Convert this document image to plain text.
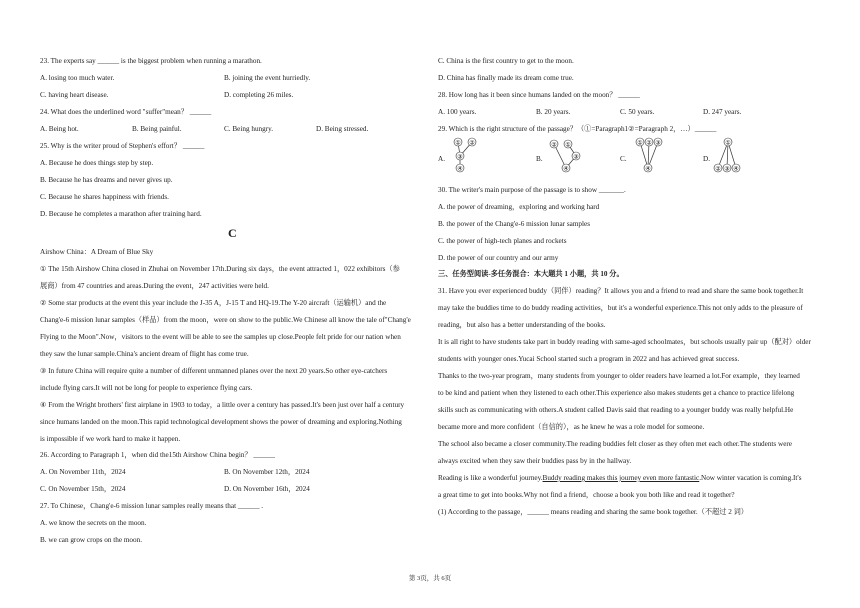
23. The experts say ______ is the biggest problem when running a marathon.
A. losing too much water.	B. joining the event hurriedly.
C. having heart disease.	D. completing 26 miles.
24. What does the underlined word "suffer"mean？ ______
A. Being hot.	B. Being painful.	C. Being hungry.	D. Being stressed.
25. Why is the writer proud of Stephen's effort？ ______
A. Because he does things step by step.
B. Because he has dreams and never gives up.
C. Because he shares happiness with friends.
D. Because he completes a marathon after training hard.
C
Airshow China：A Dream of Blue Sky
① The 15th Airshow China closed in Zhuhai on November 17th.During six days，the event attracted 1，022 exhibitors（参
展商）from 47 countries and areas.During the event，247 activities were held.
② Some star products at the event this year include the J-35 A，J-15 T and HQ-19.The Y-20 aircraft（运输机）and the
Chang'e-6 mission lunar samples（样品）from the moon，were on show to the public.We Chinese all know the tale of"Chang'e
Flying to the Moon".Now，visitors to the event will be able to see the samples up close.People felt pride for our nation when
they saw the lunar sample.China's ancient dream of flight has come true.
③ In future China will require quite a number of different unmanned planes over the next 20 years.So other eye-catchers
include flying cars.It will not be long for people to experience flying cars.
④ From the Wright brothers' first airplane in 1903 to today，a little over a century has passed.It's been just over half a century
since humans landed on the moon.This rapid technological development shows the power of dreaming and exploring.Nothing
is impossible if we work hard to make it happen.
26. According to Paragraph 1，when did the15th Airshow China begin？ ______
A. On November 11th，2024	B. On November 12th，2024
C. On November 15th，2024	D. On November 16th，2024
27. To Chinese，Chang'e-6 mission lunar samples really means that ______ .
A. we know the secrets on the moon.
B. we can grow crops on the moon.
C. China is the first country to get to the moon.
D. China has finally made its dream come true.
28. How long has it been since humans landed on the moon？ ______
A. 100 years.	B. 20 years.	C. 50 years.	D. 247 years.
29. Which is the right structure of the passage？（①=Paragraph1②=Paragraph 2，…）______
A.
① ②
③
④
B.
② ①
③
④
C.
① ② ③
④
D.
①
② ③ ④
30. The writer's main purpose of the passage is to show _______.
A. the power of dreaming，exploring and working hard
B. the power of the Chang'e-6 mission lunar samples
C. the power of high-tech planes and rockets
D. the power of our country and our army
三、任务型阅读-多任务混合：本大题共 1 小题，共 10 分。
31. Have you ever experienced buddy（同伴）reading？It allows you and a friend to read and share the same book together.It
may take the buddies time to do buddy reading activities，but it's a wonderful experience.This not only adds to the pleasure of
reading，but also has a better understanding of the books.
It is all right to have students take part in buddy reading with same-aged schoolmates，but schools usually pair up（配对）older
students with younger ones.Yucai School started such a program in 2022 and has achieved great success.
Thanks to the two-year program，many students from younger to older readers have learned a lot.For example，they learned
to be kind and patient when they listened to each other.This experience also makes students get a chance to practice lifelong
skills such as communicating with others.A student called Davis said that reading to a younger buddy was really helpful.He
became more and more confident（自信的），as he knew he was a role model for someone.
The school also became a closer community.The reading buddies felt closer as they often met each other.The students were
always excited when they saw their buddies pass by in the hallway.
Reading is like a wonderful journey.Buddy reading makes this journey even more fantastic.Now winter vacation is coming.It's
a great time to get into books.Why not find a friend，choose a book you both like and read it together?
(1) According to the passage，______ means reading and sharing the same book together.（不超过 2 词）
第 3页，共 6页
